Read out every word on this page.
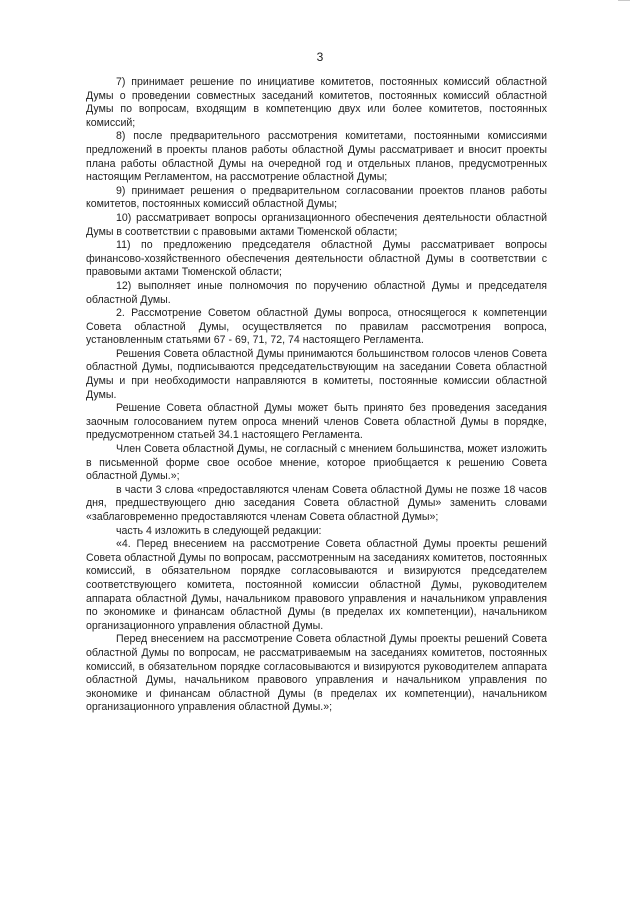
3

7) принимает решение по инициативе комитетов, постоянных комиссий областной Думы о проведении совместных заседаний комитетов, постоянных комиссий областной Думы по вопросам, входящим в компетенцию двух или более комитетов, постоянных комиссий;

8) после предварительного рассмотрения комитетами, постоянными комиссиями предложений в проекты планов работы областной Думы рассматривает и вносит проекты плана работы областной Думы на очередной год и отдельных планов, предусмотренных настоящим Регламентом, на рассмотрение областной Думы;

9) принимает решения о предварительном согласовании проектов планов работы комитетов, постоянных комиссий областной Думы;

10) рассматривает вопросы организационного обеспечения деятельности областной Думы в соответствии с правовыми актами Тюменской области;

11) по предложению председателя областной Думы рассматривает вопросы финансово-хозяйственного обеспечения деятельности областной Думы в соответствии с правовыми актами Тюменской области;

12) выполняет иные полномочия по поручению областной Думы и председателя областной Думы.

2. Рассмотрение Советом областной Думы вопроса, относящегося к компетенции Совета областной Думы, осуществляется по правилам рассмотрения вопроса, установленным статьями 67 - 69, 71, 72, 74 настоящего Регламента.

Решения Совета областной Думы принимаются большинством голосов членов Совета областной Думы, подписываются председательствующим на заседании Совета областной Думы и при необходимости направляются в комитеты, постоянные комиссии областной Думы.

Решение Совета областной Думы может быть принято без проведения заседания заочным голосованием путем опроса мнений членов Совета областной Думы в порядке, предусмотренном статьей 34.1 настоящего Регламента.

Член Совета областной Думы, не согласный с мнением большинства, может изложить в письменной форме свое особое мнение, которое приобщается к решению Совета областной Думы.»;

в части 3 слова «предоставляются членам Совета областной Думы не позже 18 часов дня, предшествующего дню заседания Совета областной Думы» заменить словами «заблаговременно предоставляются членам Совета областной Думы»;

часть 4 изложить в следующей редакции:

«4. Перед внесением на рассмотрение Совета областной Думы проекты решений Совета областной Думы по вопросам, рассмотренным на заседаниях комитетов, постоянных комиссий, в обязательном порядке согласовываются и визируются председателем соответствующего комитета, постоянной комиссии областной Думы, руководителем аппарата областной Думы, начальником правового управления и начальником управления по экономике и финансам областной Думы (в пределах их компетенции), начальником организационного управления областной Думы.

Перед внесением на рассмотрение Совета областной Думы проекты решений Совета областной Думы по вопросам, не рассматриваемым на заседаниях комитетов, постоянных комиссий, в обязательном порядке согласовываются и визируются руководителем аппарата областной Думы, начальником правового управления и начальником управления по экономике и финансам областной Думы (в пределах их компетенции), начальником организационного управления областной Думы.»;
